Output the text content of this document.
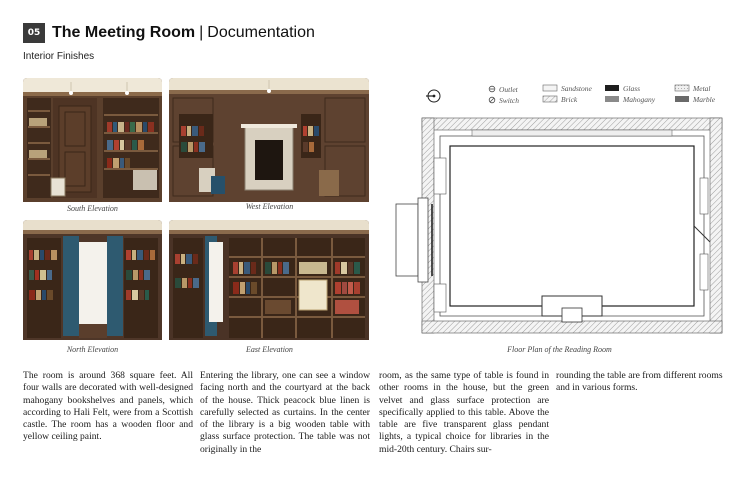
05 The Meeting Room | Documentation
Interior Finishes
South Elevation	West Elevation
North Elevation	East Elevation
Outlet
Switch
Sandstone
Brick
Glass
Mahogany
Metal
Marble
Floor Plan of the Reading Room
The room is around 368 square feet. All four walls are decorated with well-designed mahogany bookshelves and panels, which according to Hali Felt, were from a Scottish castle. The room has a wooden floor and yellow ceiling paint.
Entering the library, one can see a window facing north and the courtyard at the back of the house. Thick peacock blue linen is carefully selected as curtains. In the center of the library is a big wooden table with glass surface protection. The table was not originally in the
room, as the same type of table is found in other rooms in the house, but the green velvet and glass surface protection are specifically applied to this table. Above the table are five transparent glass pendant lights, a typical choice for libraries in the mid-20th century. Chairs sur-
rounding the table are from different rooms and in various forms.
